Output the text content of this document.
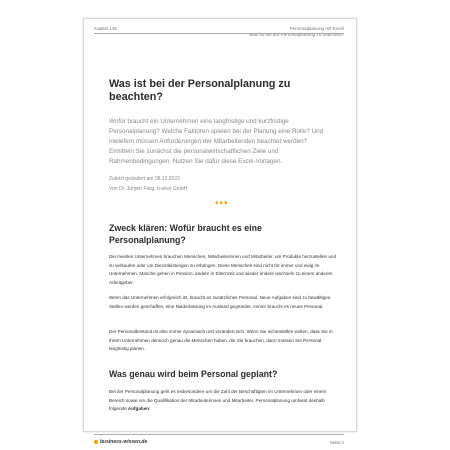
Kapitel 136	Personalplanung mit Excel
Was ist bei der Personalplanung zu beachten?
Was ist bei der Personalplanung zu beachten?

Wofür braucht ein Unternehmen eine langfristige und kurzfristige Personalplanung? Welche Faktoren spielen bei der Planung eine Rolle? Und inwiefern müssen Anforderungen der Mitarbeitenden beachtet werden? Ermitteln Sie zunächst die personalwirtschaftlichen Ziele und Rahmenbedingungen. Nutzen Sie dafür diese Excel-Vorlagen.

Zuletzt geändert am 08.12.2022
Von Dr. Jürgen Fleig, b-wise GmbH
•••
Zweck klären: Wofür braucht es eine Personalplanung?

Die meisten Unternehmen brauchen Menschen, Mitarbeiterinnen und Mitarbeiter, um Produkte herzustellen und zu verkaufen oder um Dienstleistungen zu erbringen. Diese Menschen sind nicht für immer und ewig im Unternehmen. Manche gehen in Pension, andere in Elternzeit und wieder andere wechseln zu einem anderen Arbeitgeber.

Wenn das Unternehmen erfolgreich ist, braucht es zusätzliches Personal. Neue Aufgaben sind zu bewältigen. Stellen werden geschaffen, eine Niederlassung im Ausland gegründet. Immer braucht es neues Personal.

Der Personalbestand ist also immer dynamisch und verändert sich. Wenn Sie sicherstellen wollen, dass Sie in Ihrem Unternehmen dennoch genau die Menschen haben, die Sie brauchen, dann müssen Sie Personal langfristig planen.

Was genau wird beim Personal geplant?

Bei der Personalplanung geht es insbesondere um die Zahl der Beschäftigten im Unternehmen oder einem Bereich sowie um die Qualifikation der Mitarbeiterinnen und Mitarbeiter. Personalplanung umfasst deshalb folgende Aufgaben:

business-wissen.de	Seite 2
